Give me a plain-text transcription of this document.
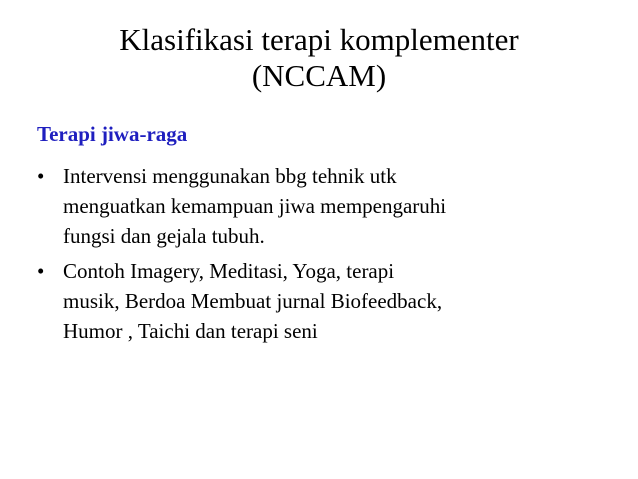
Klasifikasi terapi komplementer
(NCCAM)
Terapi jiwa-raga
• Intervensi menggunakan bbg tehnik utk
menguatkan kemampuan jiwa mempengaruhi
fungsi dan gejala tubuh.
• Contoh Imagery, Meditasi, Yoga, terapi
musik, Berdoa Membuat jurnal Biofeedback,
Humor , Taichi dan terapi seni
